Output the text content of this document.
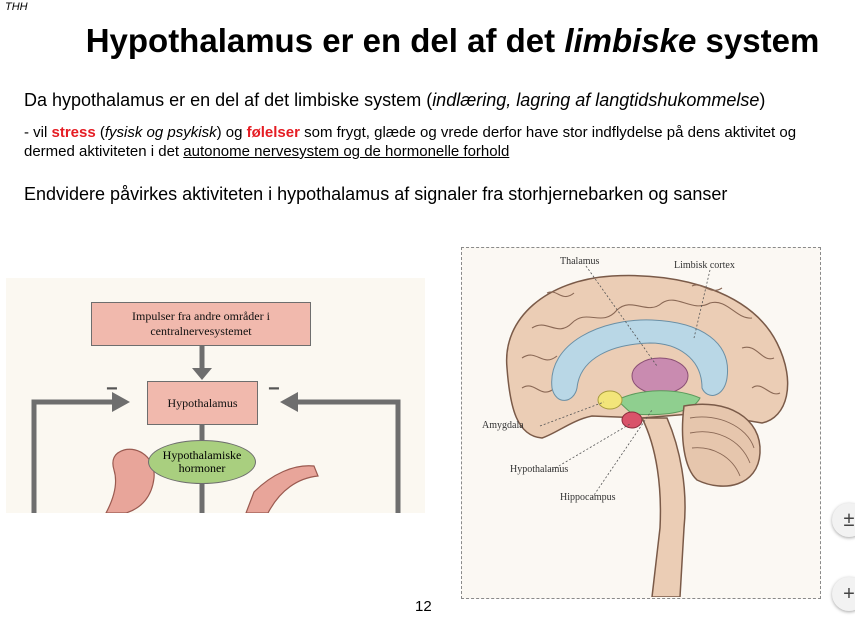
THH
Hypothalamus er en del af det limbiske system
Da hypothalamus er en del af det limbiske system (indlæring, lagring af langtidshukommelse)
- vil stress (fysisk og psykisk) og følelser som frygt, glæde og vrede derfor have stor indflydelse på dens aktivitet og dermed aktiviteten i det autonome nervesystem og de hormonelle forhold
Endvidere påvirkes aktiviteten i hypothalamus af signaler fra storhjernebarken og sanser
Impulser fra andre områder i centralnervesystemet
Hypothalamus
Hypothalamiske hormoner
−	−
Thalamus	Limbisk cortex
Amygdala
Hypothalamus
Hippocampus
12
±
+
